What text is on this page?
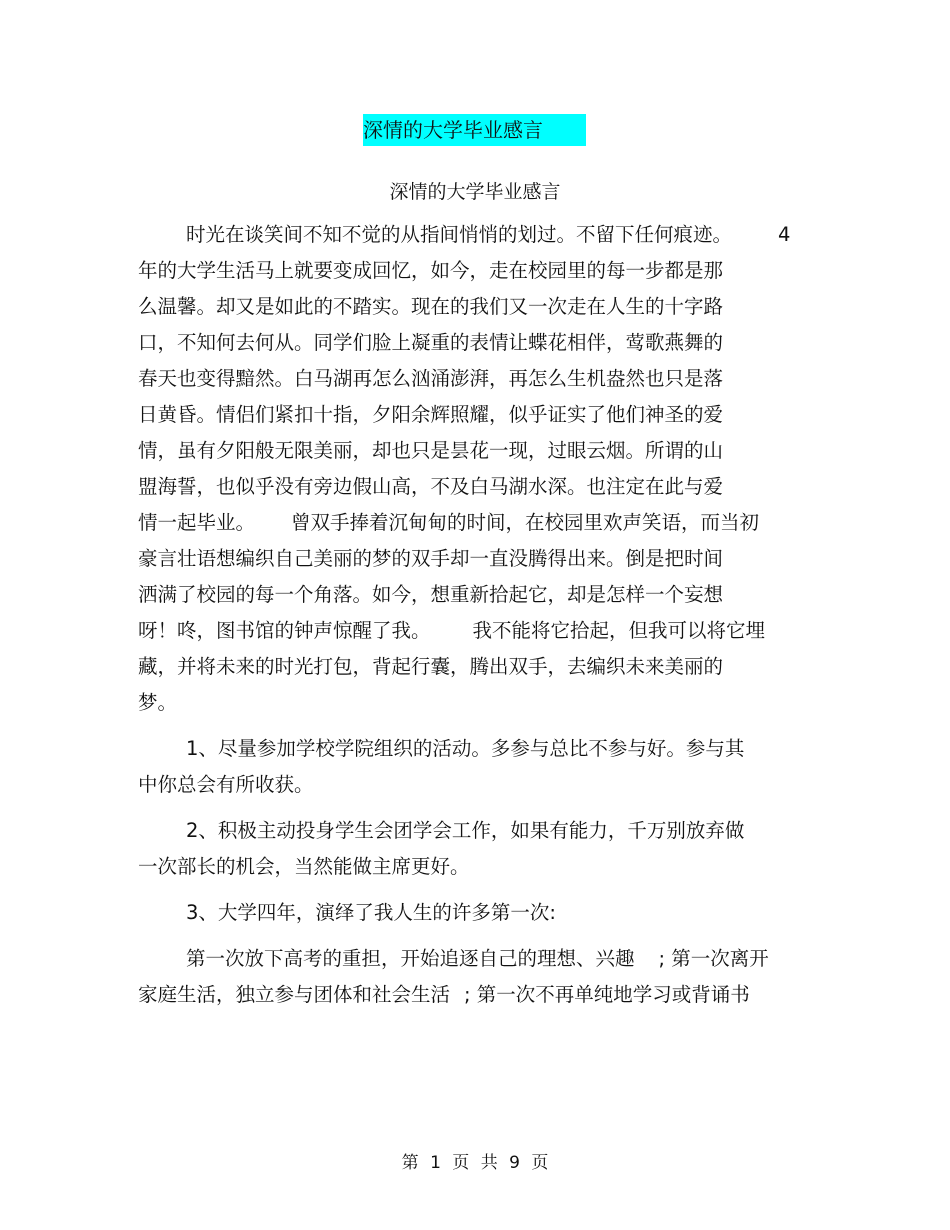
深情的大学毕业感言
深情的大学毕业感言
时光在谈笑间不知不觉的从指间悄悄的划过。不留下任何痕迹。 4
年的大学生活马上就要变成回忆，如今，走在校园里的每一步都是那
么温馨。却又是如此的不踏实。现在的我们又一次走在人生的十字路
口，不知何去何从。同学们脸上凝重的表情让蝶花相伴，莺歌燕舞的
春天也变得黯然。白马湖再怎么汹涌澎湃，再怎么生机盎然也只是落
日黄昏。情侣们紧扣十指，夕阳余辉照耀，似乎证实了他们神圣的爱
情，虽有夕阳般无限美丽，却也只是昙花一现，过眼云烟。所谓的山
盟海誓，也似乎没有旁边假山高，不及白马湖水深。也注定在此与爱
情一起毕业。 曾双手捧着沉甸甸的时间，在校园里欢声笑语，而当初
豪言壮语想编织自己美丽的梦的双手却一直没腾得出来。倒是把时间
洒满了校园的每一个角落。如今，想重新拾起它，却是怎样一个妄想
呀！咚，图书馆的钟声惊醒了我。 我不能将它拾起，但我可以将它埋
藏，并将未来的时光打包，背起行囊，腾出双手，去编织未来美丽的
梦。
1、尽量参加学校学院组织的活动。多参与总比不参与好。参与其
中你总会有所收获。
2、积极主动投身学生会团学会工作，如果有能力，千万别放弃做
一次部长的机会，当然能做主席更好。
3、大学四年，演绎了我人生的许多第一次:
第一次放下高考的重担，开始追逐自己的理想、兴趣 ; 第一次离开
家庭生活，独立参与团体和社会生活 ; 第一次不再单纯地学习或背诵书
第 1 页 共 9 页
